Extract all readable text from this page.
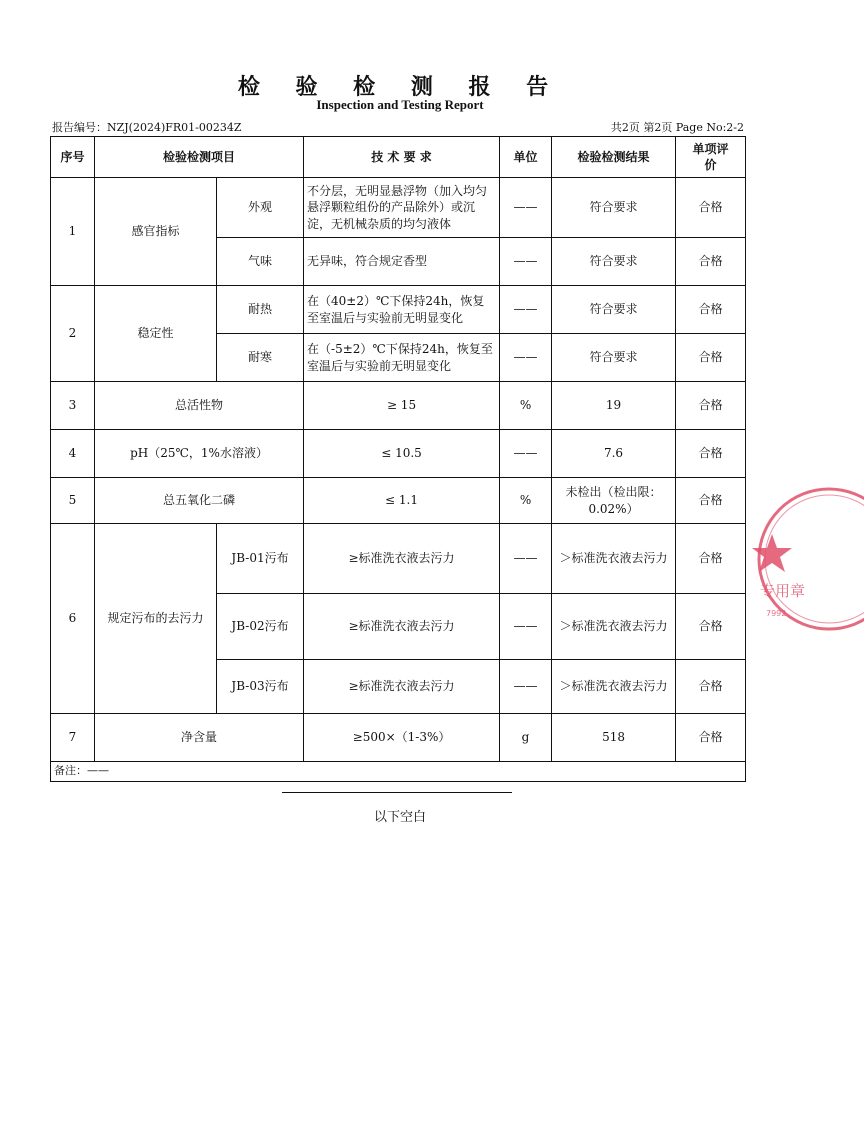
检 验 检 测 报 告
Inspection and Testing Report
报告编号：NZJ(2024)FR01-00234Z	共2页 第2页 Page No:2-2
序号	检验检测项目		技 术 要 求	单位	检验检测结果	单项评价
1	感官指标	外观	不分层，无明显悬浮物（加入均匀悬浮颗粒组份的产品除外）或沉淀，无机械杂质的均匀液体	——	符合要求	合格
		气味	无异味，符合规定香型	——	符合要求	合格
2	稳定性	耐热	在（40±2）℃下保持24h，恢复至室温后与实验前无明显变化	——	符合要求	合格
		耐寒	在（-5±2）℃下保持24h，恢复至室温后与实验前无明显变化	——	符合要求	合格
3	总活性物		≥ 15	%	19	合格
4	pH（25℃，1%水溶液）		≤ 10.5	——	7.6	合格
5	总五氧化二磷		≤ 1.1	%	未检出（检出限：0.02%）	合格
6	规定污布的去污力	JB-01污布	≥标准洗衣液去污力	——	＞标准洗衣液去污力	合格
		JB-02污布	≥标准洗衣液去污力	——	＞标准洗衣液去污力	合格
		JB-03污布	≥标准洗衣液去污力	——	＞标准洗衣液去污力	合格
7	净含量		≥500×（1-3%）	g	518	合格
备注：——						
以下空白
专用章
7992
